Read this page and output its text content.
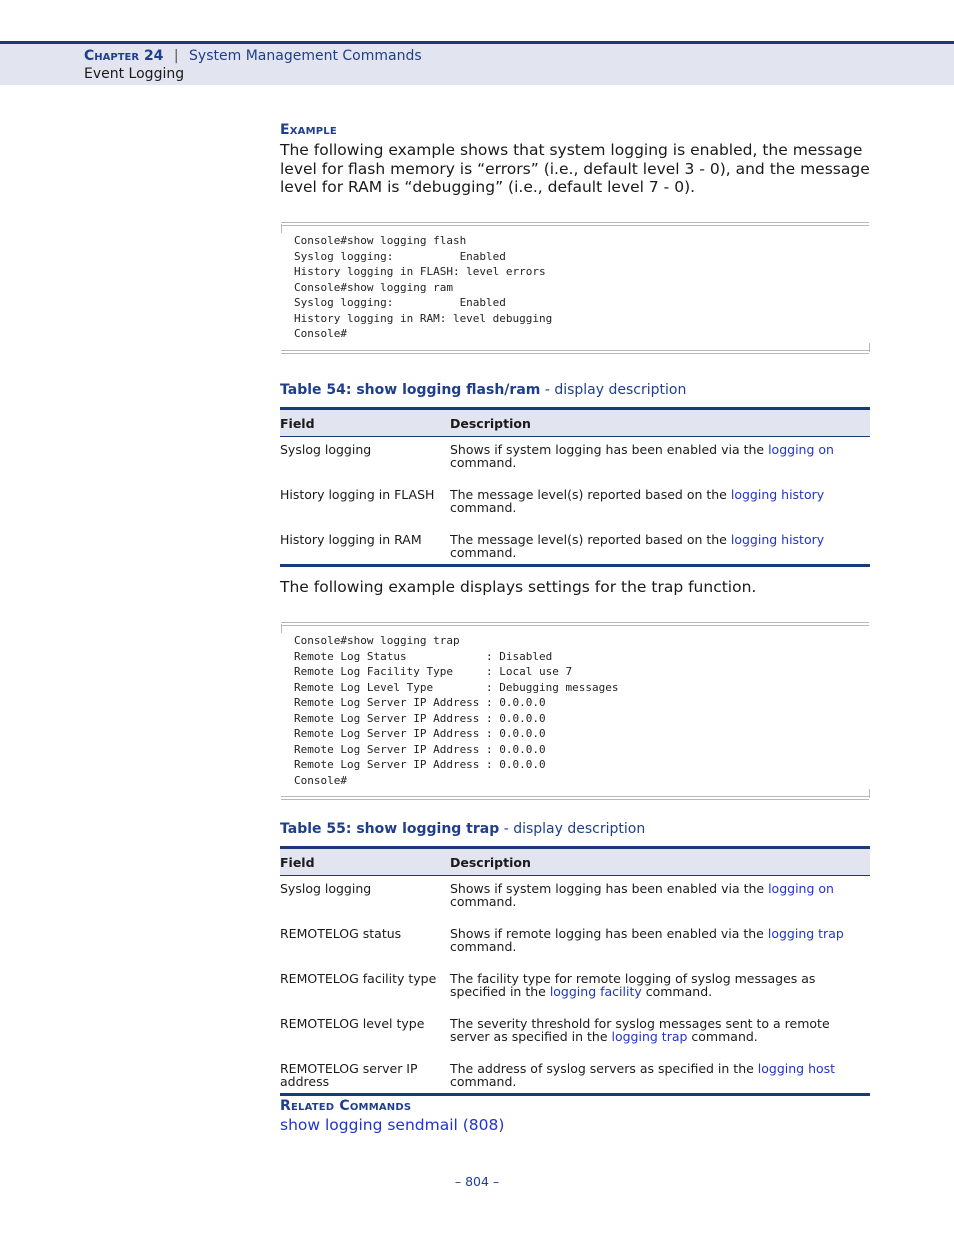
Chapter 24 | System Management Commands
Event Logging
Example
The following example shows that system logging is enabled, the message level for flash memory is “errors” (i.e., default level 3 - 0), and the message level for RAM is “debugging” (i.e., default level 7 - 0).
Console#show logging flash
Syslog logging:          Enabled
History logging in FLASH: level errors
Console#show logging ram
Syslog logging:          Enabled
History logging in RAM: level debugging
Console#
Table 54: show logging flash/ram - display description
Field	Description
Syslog logging	Shows if system logging has been enabled via the logging on command.
History logging in FLASH	The message level(s) reported based on the logging history command.
History logging in RAM	The message level(s) reported based on the logging history command.
The following example displays settings for the trap function.
Console#show logging trap
Remote Log Status            : Disabled
Remote Log Facility Type     : Local use 7
Remote Log Level Type        : Debugging messages
Remote Log Server IP Address : 0.0.0.0
Remote Log Server IP Address : 0.0.0.0
Remote Log Server IP Address : 0.0.0.0
Remote Log Server IP Address : 0.0.0.0
Remote Log Server IP Address : 0.0.0.0
Console#
Table 55: show logging trap - display description
Field	Description
Syslog logging	Shows if system logging has been enabled via the logging on command.
REMOTELOG status	Shows if remote logging has been enabled via the logging trap command.
REMOTELOG facility type	The facility type for remote logging of syslog messages as specified in the logging facility command.
REMOTELOG level type	The severity threshold for syslog messages sent to a remote server as specified in the logging trap command.
REMOTELOG server IP address	The address of syslog servers as specified in the logging host command.
Related Commands
show logging sendmail (808)
– 804 –
